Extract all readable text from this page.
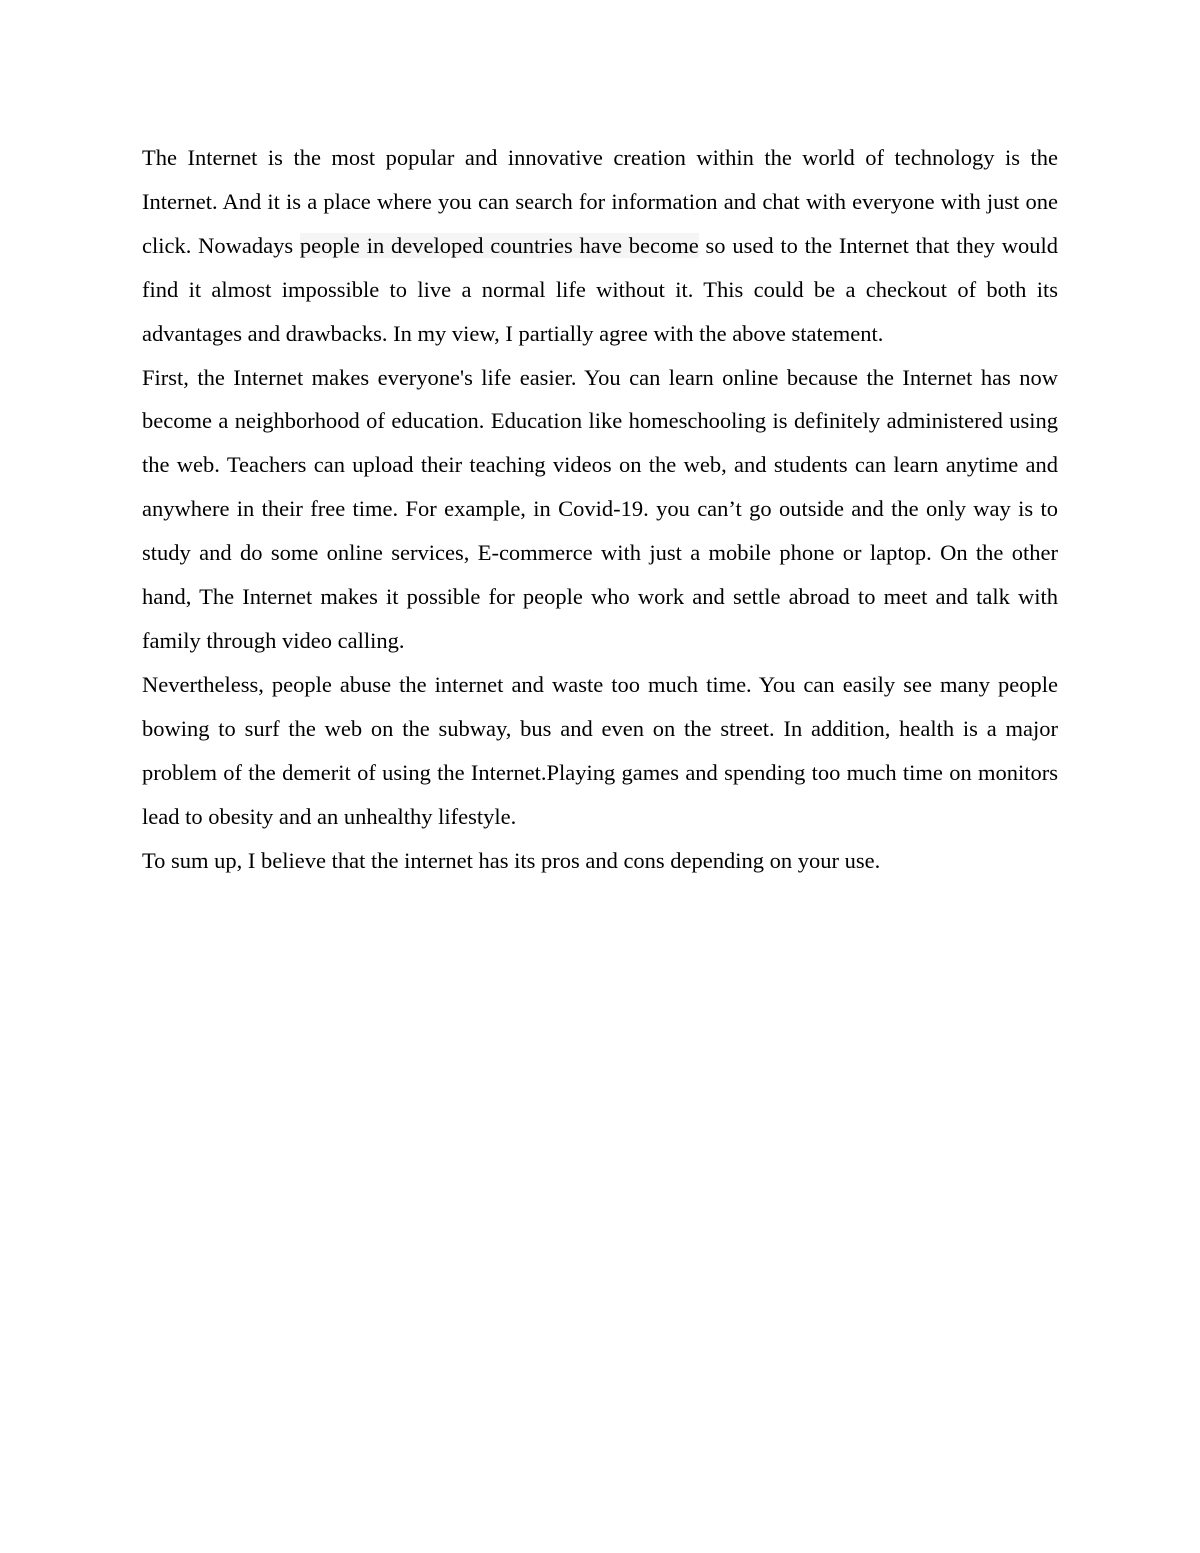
The Internet is the most popular and innovative creation within the world of technology is the Internet. And it is a place where you can search for information and chat with everyone with just one click. Nowadays people in developed countries have become so used to the Internet that they would find it almost impossible to live a normal life without it. This could be a checkout of both its advantages and drawbacks. In my view, I partially agree with the above statement.

First, the Internet makes everyone's life easier. You can learn online because the Internet has now become a neighborhood of education. Education like homeschooling is definitely administered using the web. Teachers can upload their teaching videos on the web, and students can learn anytime and anywhere in their free time. For example, in Covid-19. you can’t go outside and the only way is to study and do some online services, E-commerce with just a mobile phone or laptop. On the other hand, The Internet makes it possible for people who work and settle abroad to meet and talk with family through video calling.

Nevertheless, people abuse the internet and waste too much time. You can easily see many people bowing to surf the web on the subway, bus and even on the street. In addition, health is a major problem of the demerit of using the Internet.Playing games and spending too much time on monitors lead to obesity and an unhealthy lifestyle.

To sum up, I believe that the internet has its pros and cons depending on your use.
